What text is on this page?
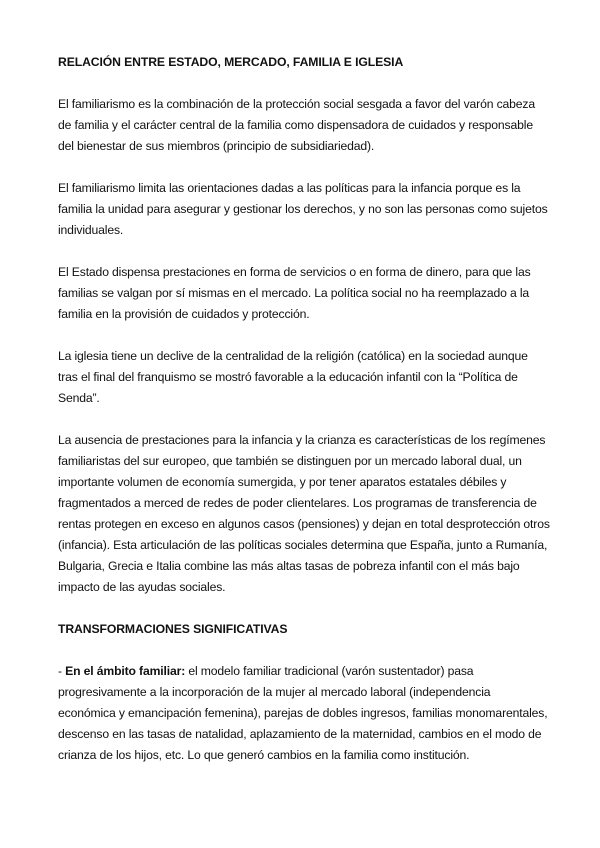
RELACIÓN ENTRE ESTADO, MERCADO, FAMILIA E IGLESIA

El familiarismo es la combinación de la protección social sesgada a favor del varón cabeza de familia y el carácter central de la familia como dispensadora de cuidados y responsable del bienestar de sus miembros (principio de subsidiariedad).

El familiarismo limita las orientaciones dadas a las políticas para la infancia porque es la familia la unidad para asegurar y gestionar los derechos, y no son las personas como sujetos individuales.

El Estado dispensa prestaciones en forma de servicios o en forma de dinero, para que las familias se valgan por sí mismas en el mercado. La política social no ha reemplazado a la familia en la provisión de cuidados y protección.

La iglesia tiene un declive de la centralidad de la religión (católica) en la sociedad aunque tras el final del franquismo se mostró favorable a la educación infantil con la “Política de Senda”.

La ausencia de prestaciones para la infancia y la crianza es características de los regímenes familiaristas del sur europeo, que también se distinguen por un mercado laboral dual, un importante volumen de economía sumergida, y por tener aparatos estatales débiles y fragmentados a merced de redes de poder clientelares. Los programas de transferencia de rentas protegen en exceso en algunos casos (pensiones) y dejan en total desprotección otros (infancia). Esta articulación de las políticas sociales determina que España, junto a Rumanía, Bulgaria, Grecia e Italia combine las más altas tasas de pobreza infantil con el más bajo impacto de las ayudas sociales.

TRANSFORMACIONES SIGNIFICATIVAS

- En el ámbito familiar: el modelo familiar tradicional (varón sustentador) pasa progresivamente a la incorporación de la mujer al mercado laboral (independencia económica y emancipación femenina), parejas de dobles ingresos, familias monomarentales, descenso en las tasas de natalidad, aplazamiento de la maternidad, cambios en el modo de crianza de los hijos, etc. Lo que generó cambios en la familia como institución.
